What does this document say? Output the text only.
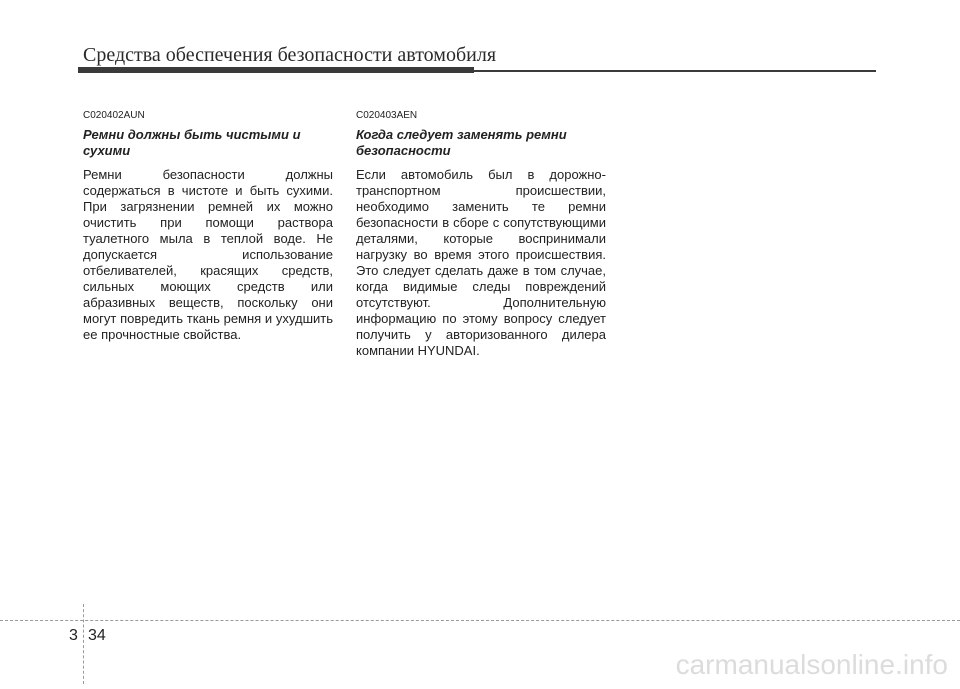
Средства обеспечения безопасности автомобиля

C020402AUN

Ремни должны быть чистыми и сухими

Ремни безопасности должны содержаться в чистоте и быть сухими. При загрязнении ремней их можно очистить при помощи раствора туалетного мыла в теплой воде. Не допускается использование отбеливателей, красящих средств, сильных моющих средств или абразивных веществ, поскольку они могут повредить ткань ремня и ухудшить ее прочностные свойства.

C020403AEN

Когда следует заменять ремни безопасности

Если автомобиль был в дорожно-транспортном происшествии, необходимо заменить те ремни безопасности в сборе с сопутствующими деталями, которые воспринимали нагрузку во время этого происшествия. Это следует сделать даже в том случае, когда видимые следы повреждений отсутствуют. Дополнительную информацию по этому вопросу следует получить у авторизованного дилера компании HYUNDAI.

3 34
carmanualsonline.info
